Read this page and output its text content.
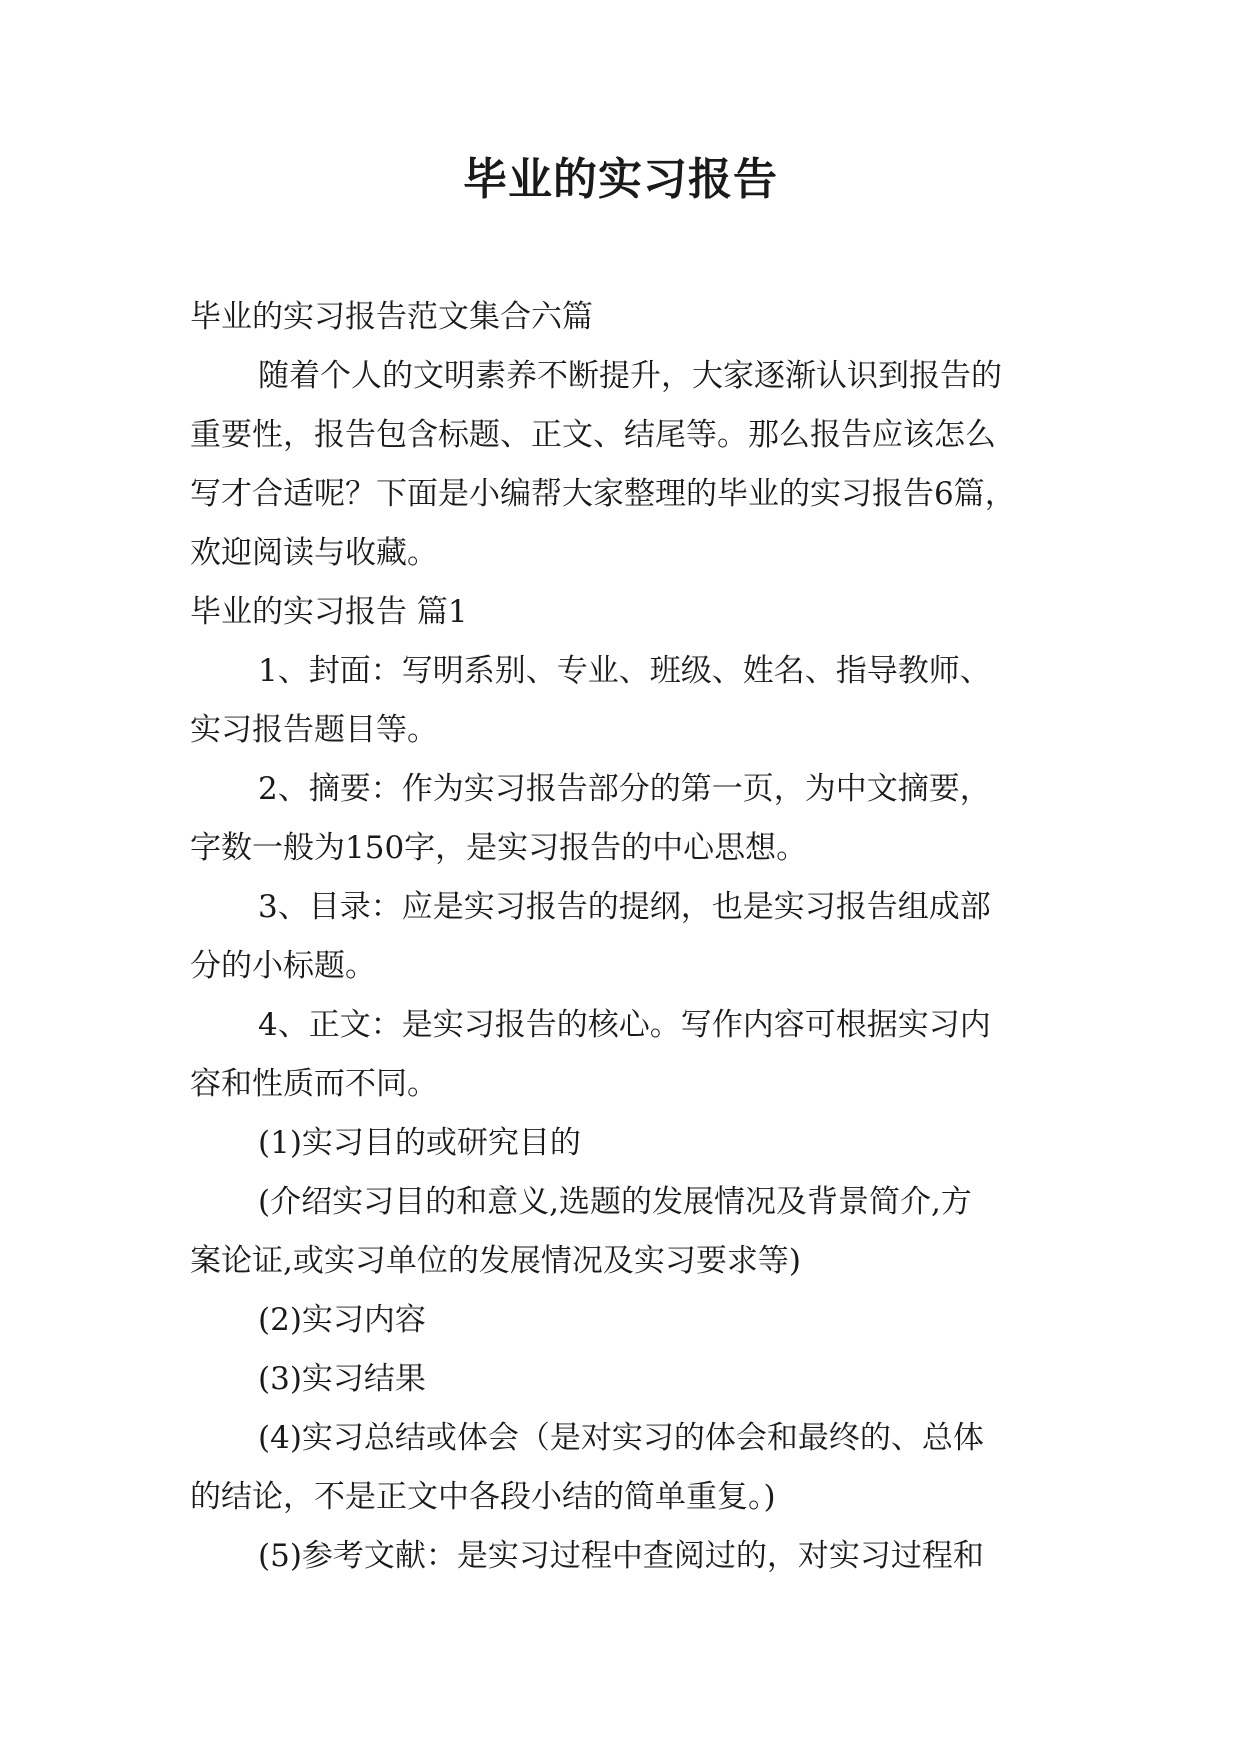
毕业的实习报告

毕业的实习报告范文集合六篇

随着个人的文明素养不断提升，大家逐渐认识到报告的

重要性，报告包含标题、正文、结尾等。那么报告应该怎么

写才合适呢？下面是小编帮大家整理的毕业的实习报告6篇，

欢迎阅读与收藏。

毕业的实习报告 篇1

1、封面：写明系别、专业、班级、姓名、指导教师、

实习报告题目等。

2、摘要：作为实习报告部分的第一页，为中文摘要，

字数一般为150字，是实习报告的中心思想。

3、目录：应是实习报告的提纲，也是实习报告组成部

分的小标题。

4、正文：是实习报告的核心。写作内容可根据实习内

容和性质而不同。

(1)实习目的或研究目的

(介绍实习目的和意义,选题的发展情况及背景简介,方

案论证,或实习单位的发展情况及实习要求等)

(2)实习内容

(3)实习结果

(4)实习总结或体会（是对实习的体会和最终的、总体

的结论，不是正文中各段小结的简单重复。)

(5)参考文献：是实习过程中查阅过的，对实习过程和
